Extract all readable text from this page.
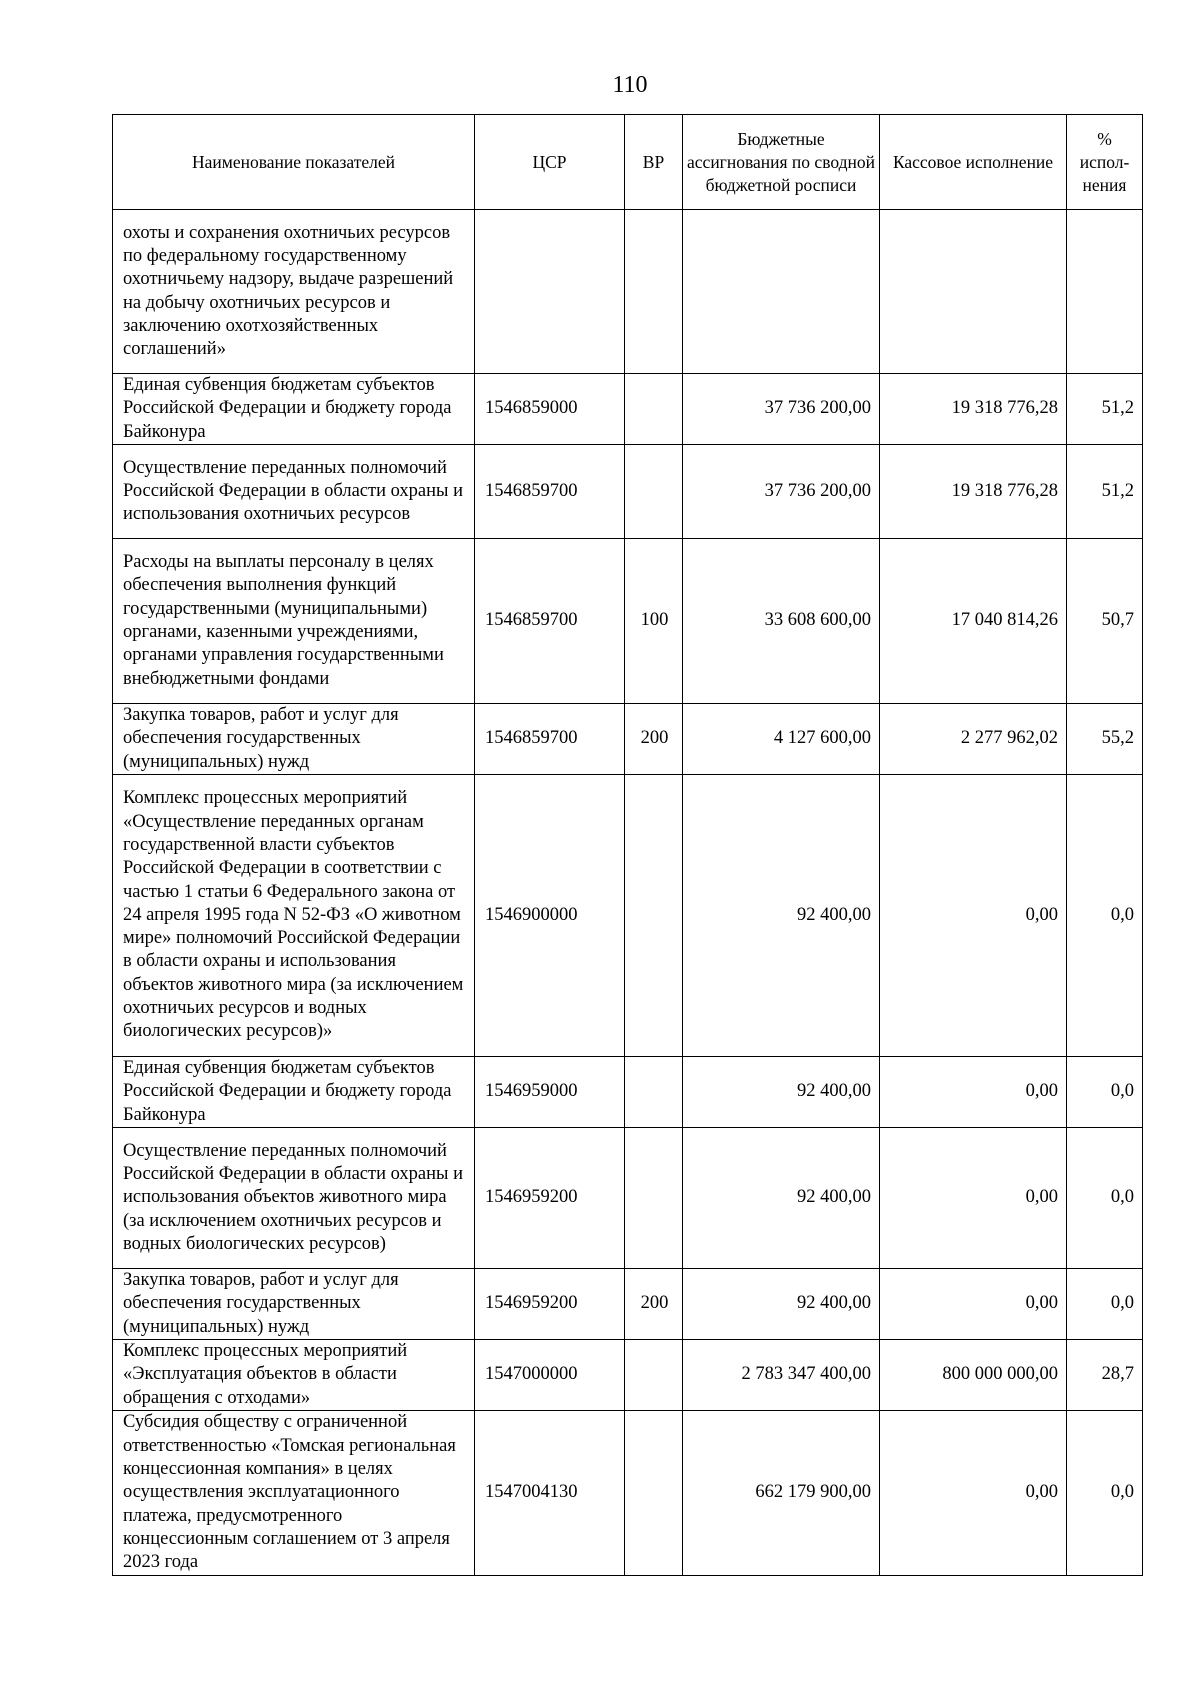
110
Наименование показателей	ЦСР	ВР	Бюджетные ассигнования по сводной бюджетной росписи	Кассовое исполнение	% испол-нения
охоты и сохранения охотничьих ресурсов по федеральному государственному охотничьему надзору, выдаче разрешений на добычу охотничьих ресурсов и заключению охотхозяйственных соглашений»					
Единая субвенция бюджетам субъектов Российской Федерации и бюджету города Байконура	1546859000		37 736 200,00	19 318 776,28	51,2
Осуществление переданных полномочий Российской Федерации в области охраны и использования охотничьих ресурсов	1546859700		37 736 200,00	19 318 776,28	51,2
Расходы на выплаты персоналу в целях обеспечения выполнения функций государственными (муниципальными) органами, казенными учреждениями, органами управления государственными внебюджетными фондами	1546859700	100	33 608 600,00	17 040 814,26	50,7
Закупка товаров, работ и услуг для обеспечения государственных (муниципальных) нужд	1546859700	200	4 127 600,00	2 277 962,02	55,2
Комплекс процессных мероприятий «Осуществление переданных органам государственной власти субъектов Российской Федерации в соответствии с частью 1 статьи 6 Федерального закона от 24 апреля 1995 года N 52-ФЗ «О животном мире» полномочий Российской Федерации в области охраны и использования объектов животного мира (за исключением охотничьих ресурсов и водных биологических ресурсов)»	1546900000		92 400,00	0,00	0,0
Единая субвенция бюджетам субъектов Российской Федерации и бюджету города Байконура	1546959000		92 400,00	0,00	0,0
Осуществление переданных полномочий Российской Федерации в области охраны и использования объектов животного мира (за исключением охотничьих ресурсов и водных биологических ресурсов)	1546959200		92 400,00	0,00	0,0
Закупка товаров, работ и услуг для обеспечения государственных (муниципальных) нужд	1546959200	200	92 400,00	0,00	0,0
Комплекс процессных мероприятий «Эксплуатация объектов в области обращения с отходами»	1547000000		2 783 347 400,00	800 000 000,00	28,7
Субсидия обществу с ограниченной ответственностью «Томская региональная концессионная компания» в целях осуществления эксплуатационного платежа, предусмотренного концессионным соглашением от 3 апреля 2023 года	1547004130		662 179 900,00	0,00	0,0
